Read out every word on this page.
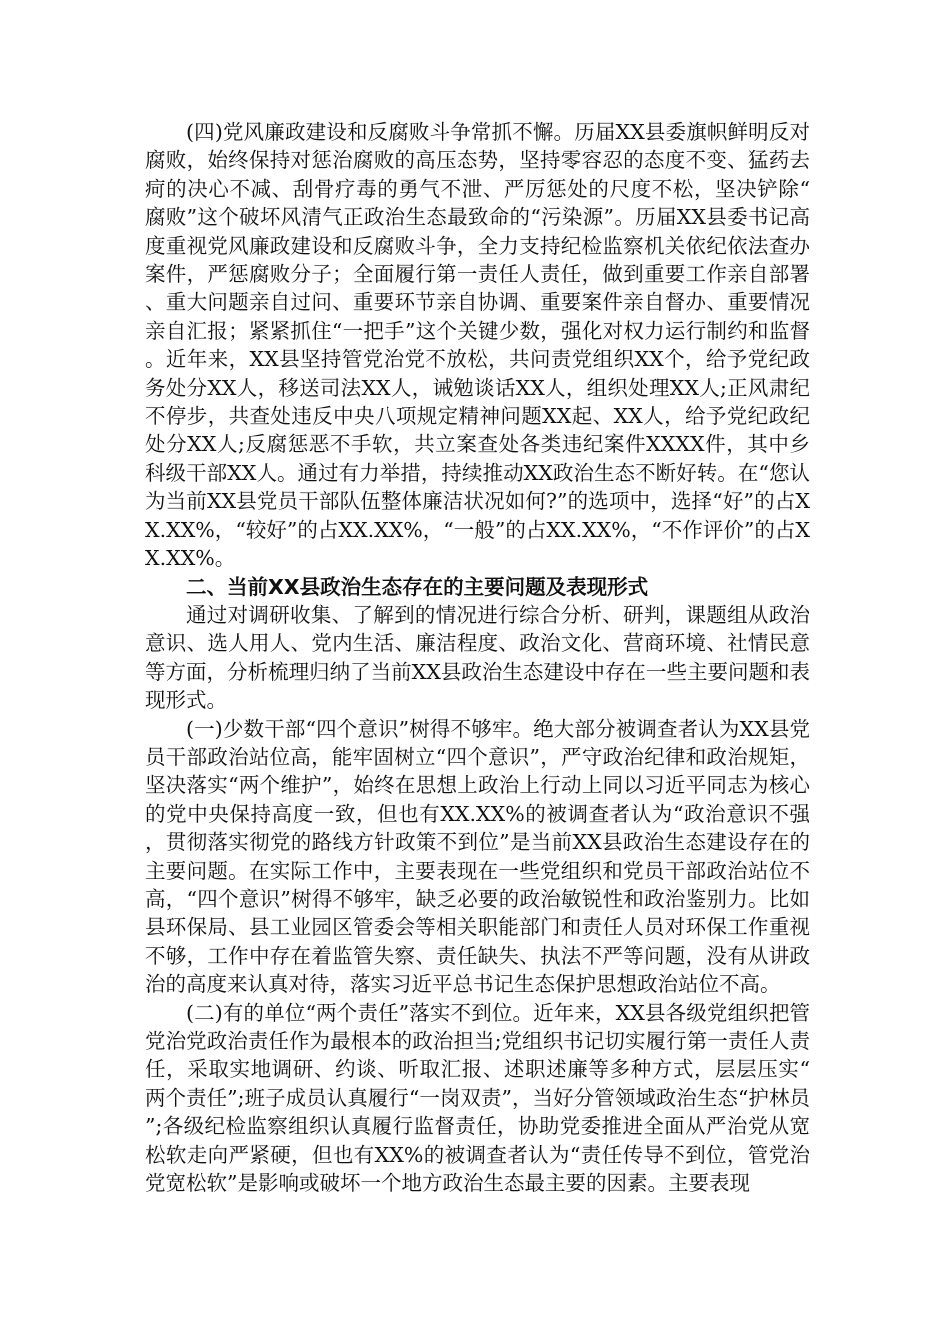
(四)党风廉政建设和反腐败斗争常抓不懈。历届XX县委旗帜鲜明反对腐败，始终保持对惩治腐败的高压态势，坚持零容忍的态度不变、猛药去疴的决心不减、刮骨疗毒的勇气不泄、严厉惩处的尺度不松，坚决铲除“腐败”这个破坏风清气正政治生态最致命的“污染源”。历届XX县委书记高度重视党风廉政建设和反腐败斗争，全力支持纪检监察机关依纪依法查办案件，严惩腐败分子；全面履行第一责任人责任，做到重要工作亲自部署、重大问题亲自过问、重要环节亲自协调、重要案件亲自督办、重要情况亲自汇报；紧紧抓住“一把手”这个关键少数，强化对权力运行制约和监督。近年来，XX县坚持管党治党不放松，共问责党组织XX个，给予党纪政务处分XX人，移送司法XX人，诫勉谈话XX人，组织处理XX人;正风肃纪不停步，共查处违反中央八项规定精神问题XX起、XX人，给予党纪政纪处分XX人;反腐惩恶不手软，共立案查处各类违纪案件XXXX件，其中乡科级干部XX人。通过有力举措，持续推动XX政治生态不断好转。在“您认为当前XX县党员干部队伍整体廉洁状况如何?”的选项中，选择“好”的占XX.XX%，“较好”的占XX.XX%，“一般”的占XX.XX%，“不作评价”的占XX.XX%。

二、当前XX县政治生态存在的主要问题及表现形式

通过对调研收集、了解到的情况进行综合分析、研判，课题组从政治意识、选人用人、党内生活、廉洁程度、政治文化、营商环境、社情民意等方面，分析梳理归纳了当前XX县政治生态建设中存在一些主要问题和表现形式。

(一)少数干部“四个意识”树得不够牢。绝大部分被调查者认为XX县党员干部政治站位高，能牢固树立“四个意识”，严守政治纪律和政治规矩，坚决落实“两个维护”，始终在思想上政治上行动上同以习近平同志为核心的党中央保持高度一致，但也有XX.XX%的被调查者认为“政治意识不强，贯彻落实彻党的路线方针政策不到位”是当前XX县政治生态建设存在的主要问题。在实际工作中，主要表现在一些党组织和党员干部政治站位不高，“四个意识”树得不够牢，缺乏必要的政治敏锐性和政治鉴别力。比如县环保局、县工业园区管委会等相关职能部门和责任人员对环保工作重视不够，工作中存在着监管失察、责任缺失、执法不严等问题，没有从讲政治的高度来认真对待，落实习近平总书记生态保护思想政治站位不高。

(二)有的单位“两个责任”落实不到位。近年来，XX县各级党组织把管党治党政治责任作为最根本的政治担当;党组织书记切实履行第一责任人责任，采取实地调研、约谈、听取汇报、述职述廉等多种方式，层层压实“两个责任”;班子成员认真履行“一岗双责”，当好分管领域政治生态“护林员”;各级纪检监察组织认真履行监督责任，协助党委推进全面从严治党从宽松软走向严紧硬，但也有XX%的被调查者认为“责任传导不到位，管党治党宽松软”是影响或破坏一个地方政治生态最主要的因素。主要表现
